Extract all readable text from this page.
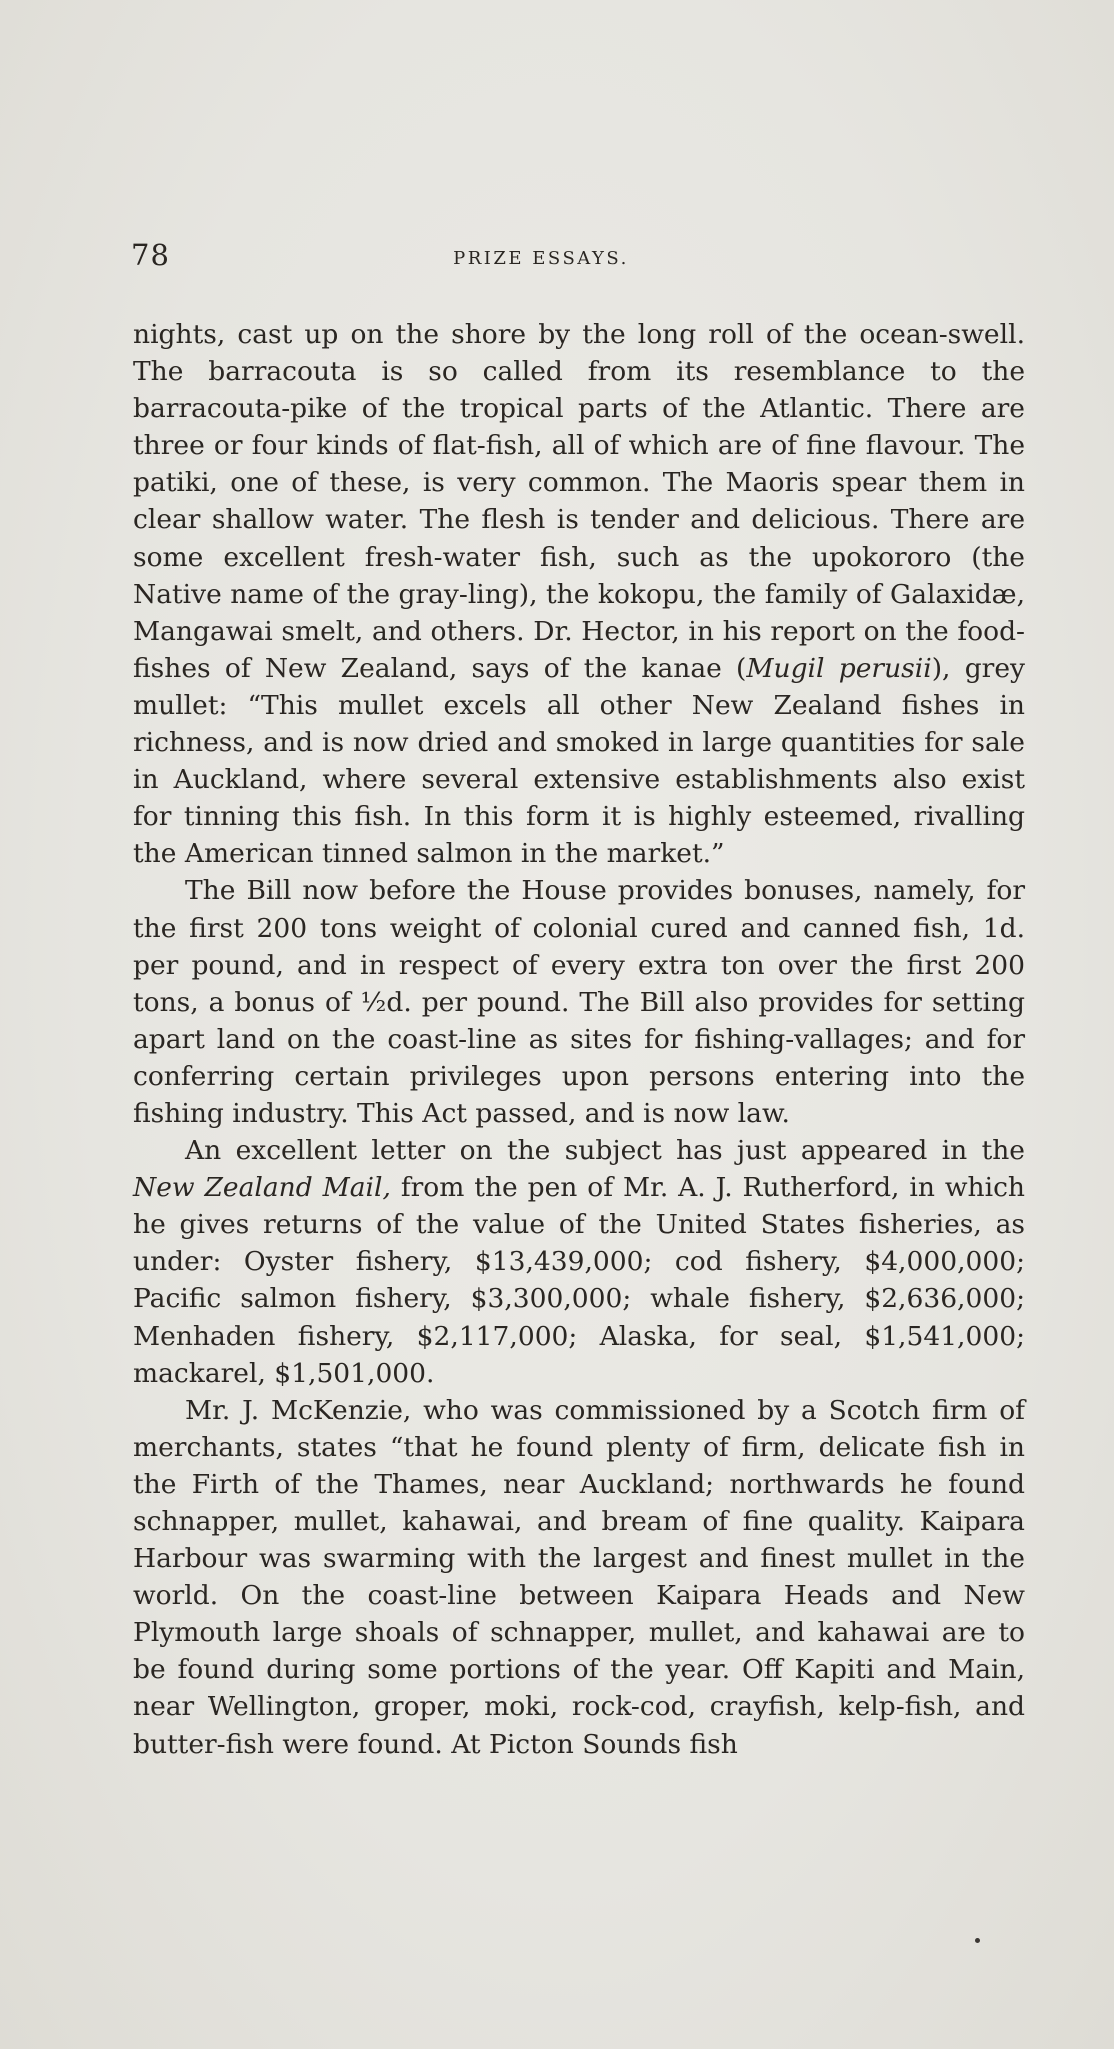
78	PRIZE ESSAYS.

nights, cast up on the shore by the long roll of the ocean-swell. The barracouta is so called from its resemblance to the barracouta-pike of the tropical parts of the Atlantic. There are three or four kinds of flat-fish, all of which are of fine flavour. The patiki, one of these, is very common. The Maoris spear them in clear shallow water. The flesh is tender and delicious. There are some excellent fresh-water fish, such as the upokororo (the Native name of the gray-ling), the kokopu, the family of Galaxidæ, Mangawai smelt, and others. Dr. Hector, in his report on the food-fishes of New Zealand, says of the kanae (Mugil perusii), grey mullet: “This mullet excels all other New Zealand fishes in richness, and is now dried and smoked in large quantities for sale in Auckland, where several extensive establishments also exist for tinning this fish. In this form it is highly esteemed, rivalling the American tinned salmon in the market.”

The Bill now before the House provides bonuses, namely, for the first 200 tons weight of colonial cured and canned fish, 1d. per pound, and in respect of every extra ton over the first 200 tons, a bonus of ½d. per pound. The Bill also provides for setting apart land on the coast-line as sites for fishing-vallages; and for conferring certain privileges upon persons entering into the fishing industry. This Act passed, and is now law.

An excellent letter on the subject has just appeared in the New Zealand Mail, from the pen of Mr. A. J. Rutherford, in which he gives returns of the value of the United States fisheries, as under: Oyster fishery, $13,439,000; cod fishery, $4,000,000; Pacific salmon fishery, $3,300,000; whale fishery, $2,636,000; Menhaden fishery, $2,117,000; Alaska, for seal, $1,541,000; mackarel, $1,501,000.

Mr. J. McKenzie, who was commissioned by a Scotch firm of merchants, states “that he found plenty of firm, delicate fish in the Firth of the Thames, near Auckland; northwards he found schnapper, mullet, kahawai, and bream of fine quality. Kaipara Harbour was swarming with the largest and finest mullet in the world. On the coast-line between Kaipara Heads and New Plymouth large shoals of schnapper, mullet, and kahawai are to be found during some portions of the year. Off Kapiti and Main, near Wellington, groper, moki, rock-cod, crayfish, kelp-fish, and butter-fish were found. At Picton Sounds fish
